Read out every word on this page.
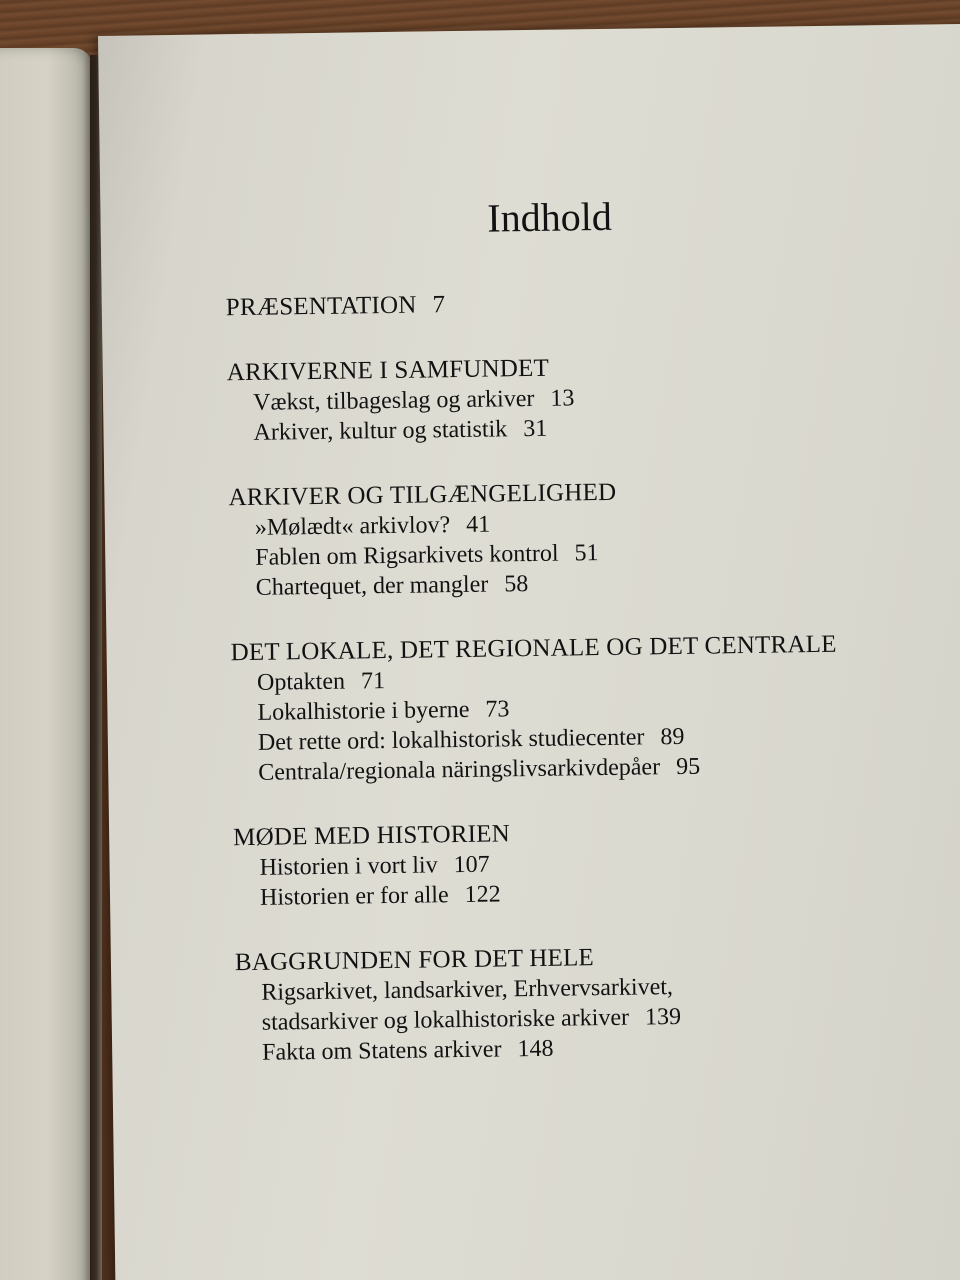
Indhold
PRÆSENTATION 7
ARKIVERNE I SAMFUNDET
Vækst, tilbageslag og arkiver 13
Arkiver, kultur og statistik 31
ARKIVER OG TILGÆNGELIGHED
»Mølædt« arkivlov? 41
Fablen om Rigsarkivets kontrol 51
Chartequet, der mangler 58
DET LOKALE, DET REGIONALE OG DET CENTRALE
Optakten 71
Lokalhistorie i byerne 73
Det rette ord: lokalhistorisk studiecenter 89
Centrala/regionala näringslivsarkivdepåer 95
MØDE MED HISTORIEN
Historien i vort liv 107
Historien er for alle 122
BAGGRUNDEN FOR DET HELE
Rigsarkivet, landsarkiver, Erhvervsarkivet,
stadsarkiver og lokalhistoriske arkiver 139
Fakta om Statens arkiver 148
